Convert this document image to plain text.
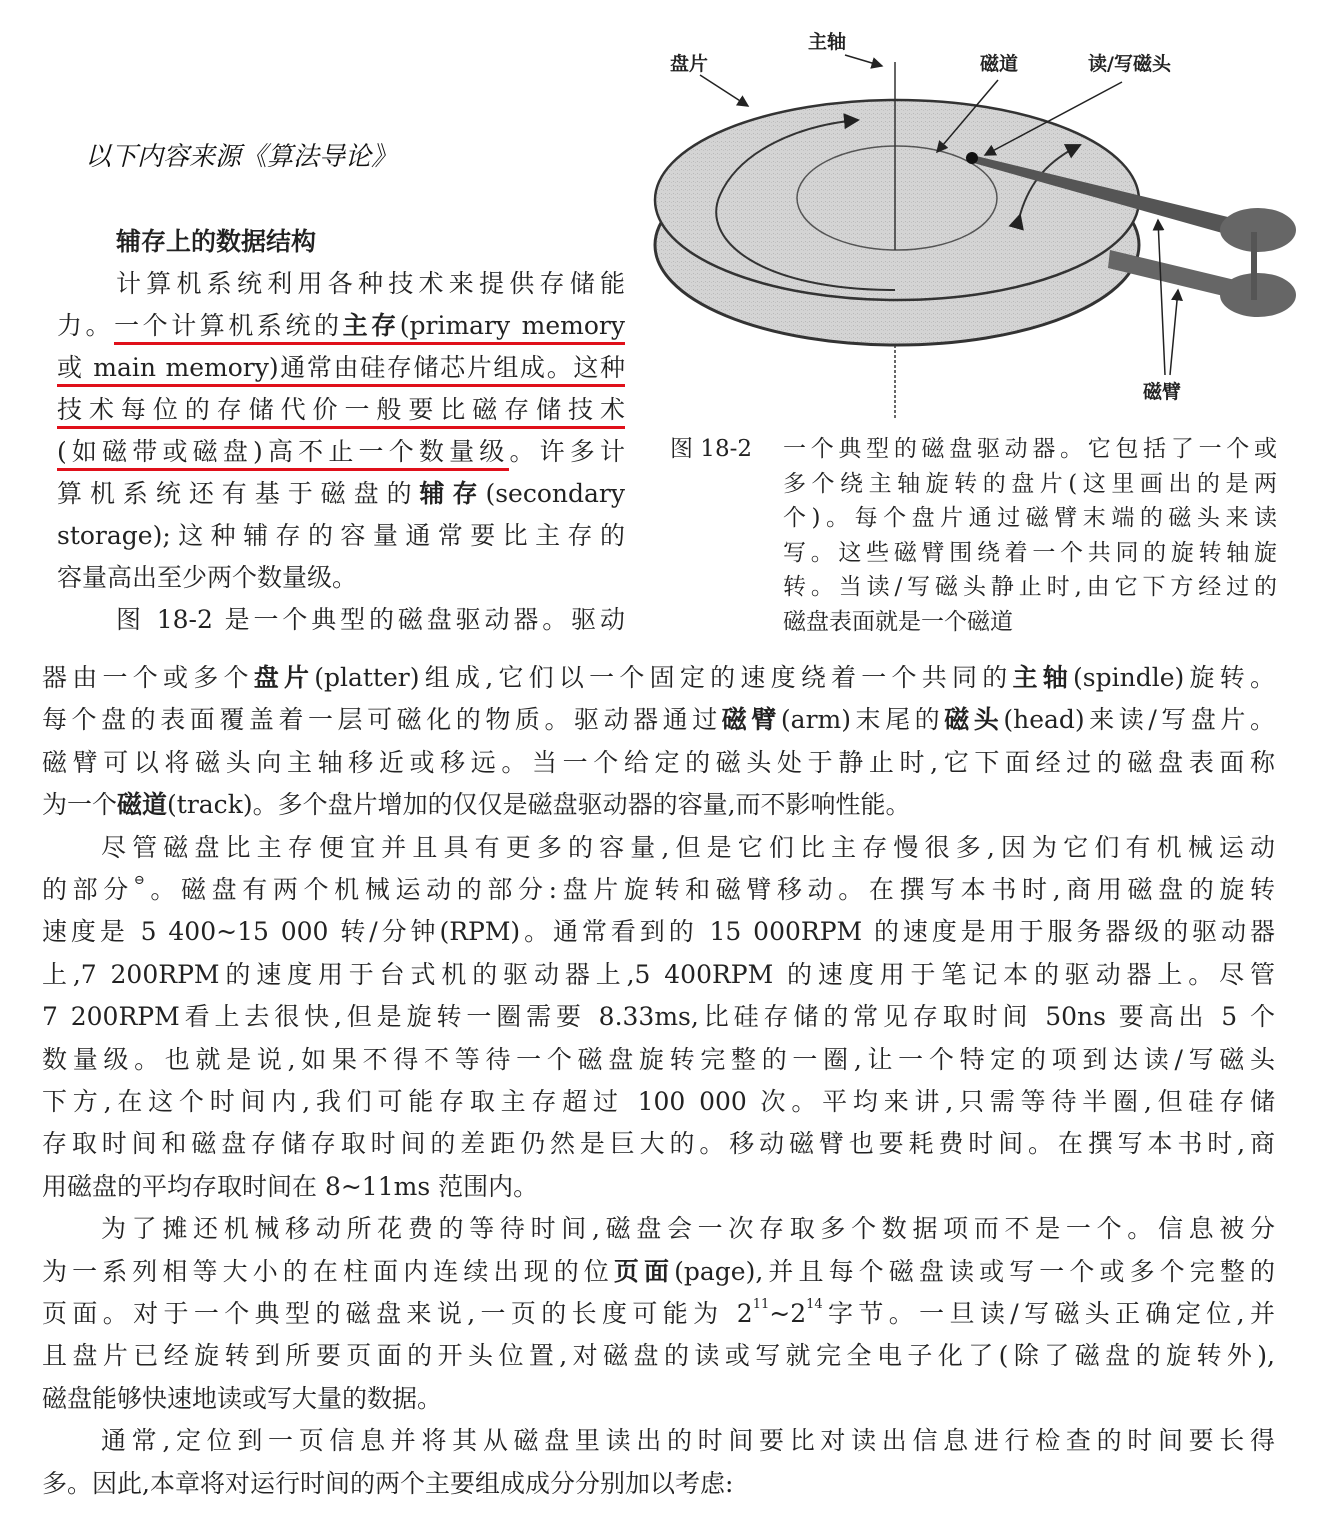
以下内容来源《算法导论》
盘片
主轴
磁道	读/写磁头
磁臂
图 18-2 一个典型的磁盘驱动器。它包括了一个或
多个绕主轴旋转的盘片(这里画出的是两
个)。每个盘片通过磁臂末端的磁头来读
写。这些磁臂围绕着一个共同的旋转轴旋
转。当读/写磁头静止时,由它下方经过的
磁盘表面就是一个磁道
辅存上的数据结构
计算机系统利用各种技术来提供存储能
力。一个计算机系统的主存(primary memory
或 main memory)通常由硅存储芯片组成。这种
技术每位的存储代价一般要比磁存储技术
(如磁带或磁盘)高不止一个数量级。许多计
算机系统还有基于磁盘的辅存(secondary
storage);这种辅存的容量通常要比主存的
容量高出至少两个数量级。
图 18-2 是一个典型的磁盘驱动器。驱动
器由一个或多个盘片(platter)组成,它们以一个固定的速度绕着一个共同的主轴(spindle)旋转。
每个盘的表面覆盖着一层可磁化的物质。驱动器通过磁臂(arm)末尾的磁头(head)来读/写盘片。
磁臂可以将磁头向主轴移近或移远。当一个给定的磁头处于静止时,它下面经过的磁盘表面称
为一个磁道(track)。多个盘片增加的仅仅是磁盘驱动器的容量,而不影响性能。
尽管磁盘比主存便宜并且具有更多的容量,但是它们比主存慢很多,因为它们有机械运动
的部分⊖。磁盘有两个机械运动的部分:盘片旋转和磁臂移动。在撰写本书时,商用磁盘的旋转
速度是 5 400~15 000 转/分钟(RPM)。通常看到的 15 000RPM 的速度是用于服务器级的驱动器
上,7 200RPM的速度用于台式机的驱动器上,5 400RPM 的速度用于笔记本的驱动器上。尽管
7 200RPM看上去很快,但是旋转一圈需要 8.33ms,比硅存储的常见存取时间 50ns 要高出 5 个
数量级。也就是说,如果不得不等待一个磁盘旋转完整的一圈,让一个特定的项到达读/写磁头
下方,在这个时间内,我们可能存取主存超过 100 000 次。平均来讲,只需等待半圈,但硅存储
存取时间和磁盘存储存取时间的差距仍然是巨大的。移动磁臂也要耗费时间。在撰写本书时,商
用磁盘的平均存取时间在 8~11ms 范围内。
为了摊还机械移动所花费的等待时间,磁盘会一次存取多个数据项而不是一个。信息被分
为一系列相等大小的在柱面内连续出现的位页面(page),并且每个磁盘读或写一个或多个完整的
页面。对于一个典型的磁盘来说,一页的长度可能为 $2^{11}\sim 2^{14}$字节。一旦读/写磁头正确定位,并
且盘片已经旋转到所要页面的开头位置,对磁盘的读或写就完全电子化了(除了磁盘的旋转外),
磁盘能够快速地读或写大量的数据。
通常,定位到一页信息并将其从磁盘里读出的时间要比对读出信息进行检查的时间要长得
多。因此,本章将对运行时间的两个主要组成成分分别加以考虑:
